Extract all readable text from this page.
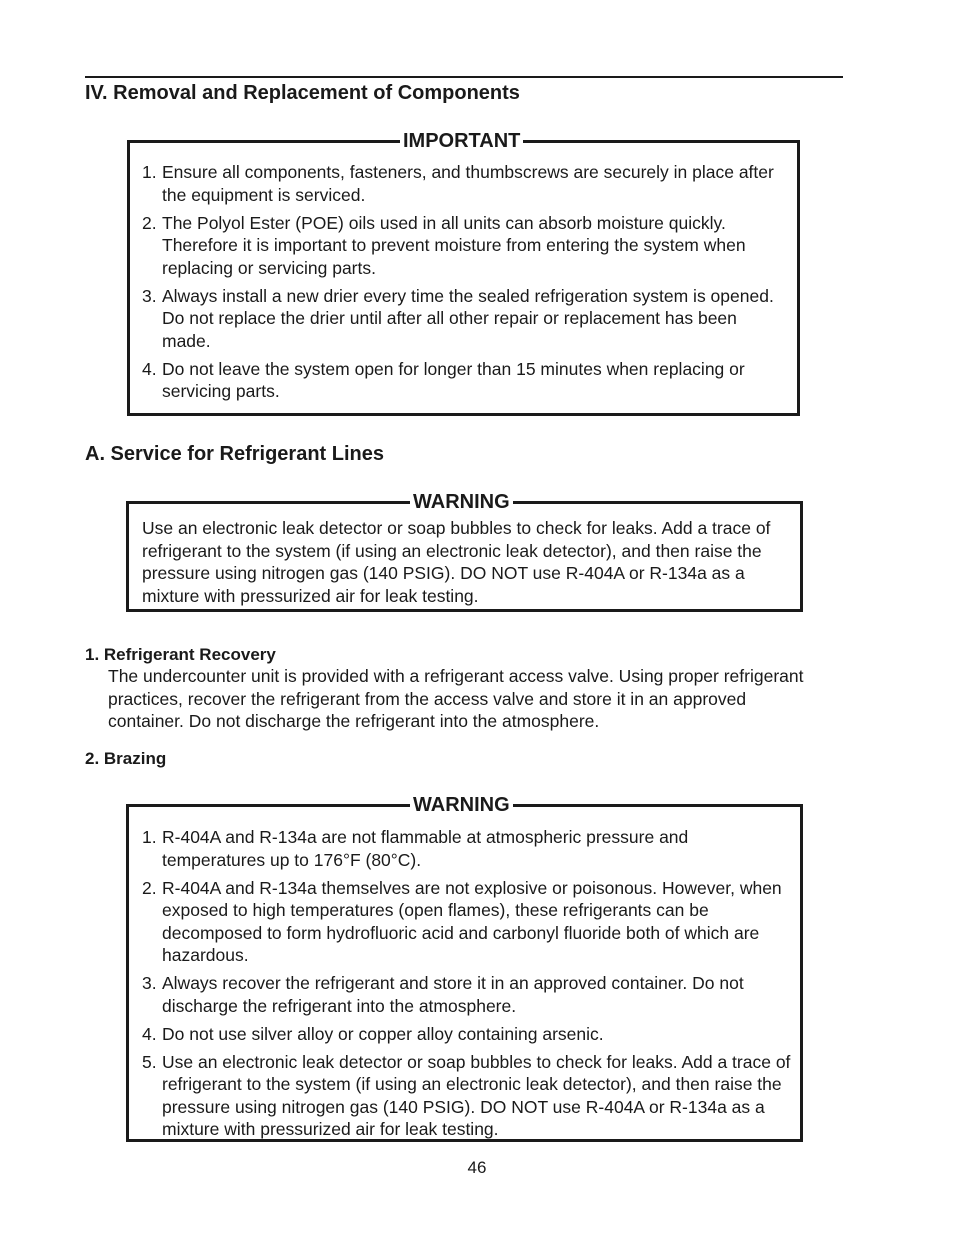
IV. Removal and Replacement of Components
IMPORTANT
1. Ensure all components, fasteners, and thumbscrews are securely in place after the equipment is serviced.
2. The Polyol Ester (POE) oils used in all units can absorb moisture quickly. Therefore it is important to prevent moisture from entering the system when replacing or servicing parts.
3. Always install a new drier every time the sealed refrigeration system is opened. Do not replace the drier until after all other repair or replacement has been made.
4. Do not leave the system open for longer than 15 minutes when replacing or servicing parts.
A. Service for Refrigerant Lines
WARNING
Use an electronic leak detector or soap bubbles to check for leaks. Add a trace of refrigerant to the system (if using an electronic leak detector), and then raise the pressure using nitrogen gas (140 PSIG). DO NOT use R-404A or R-134a as a mixture with pressurized air for leak testing.
1. Refrigerant Recovery
The undercounter unit is provided with a refrigerant access valve. Using proper refrigerant practices, recover the refrigerant from the access valve and store it in an approved container. Do not discharge the refrigerant into the atmosphere.
2. Brazing
WARNING
1. R-404A and R-134a are not flammable at atmospheric pressure and temperatures up to 176°F (80°C).
2. R-404A and R-134a themselves are not explosive or poisonous. However, when exposed to high temperatures (open flames), these refrigerants can be decomposed to form hydrofluoric acid and carbonyl fluoride both of which are hazardous.
3. Always recover the refrigerant and store it in an approved container. Do not discharge the refrigerant into the atmosphere.
4. Do not use silver alloy or copper alloy containing arsenic.
5. Use an electronic leak detector or soap bubbles to check for leaks. Add a trace of refrigerant to the system (if using an electronic leak detector), and then raise the pressure using nitrogen gas (140 PSIG). DO NOT use R-404A or R-134a as a mixture with pressurized air for leak testing.
46
